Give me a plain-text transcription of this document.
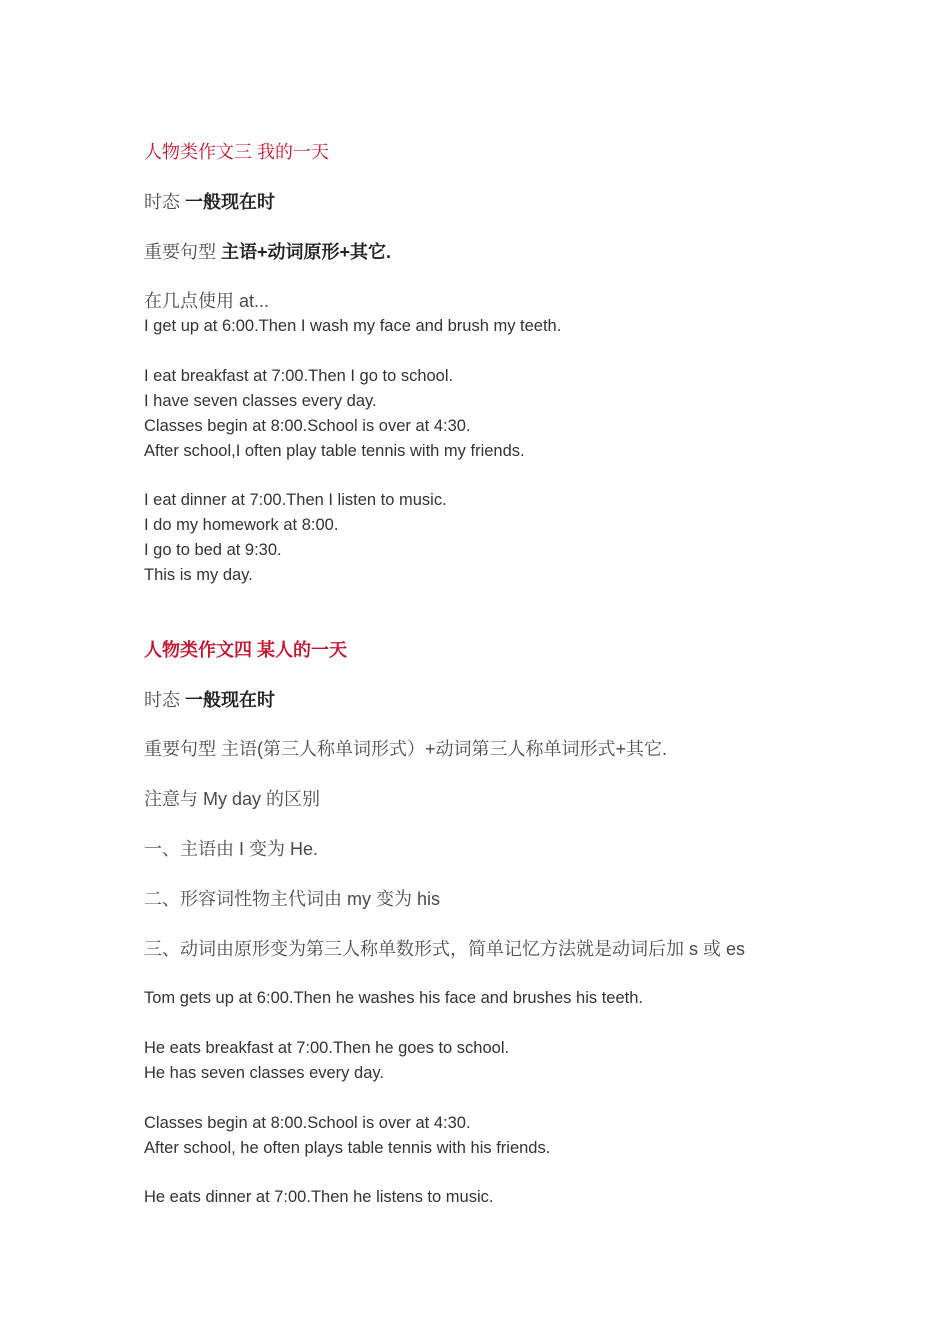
人物类作文三 我的一天
时态 一般现在时
重要句型 主语+动词原形+其它.
在几点使用 at...
I get up at 6:00.Then I wash my face and brush my teeth.
I eat breakfast at 7:00.Then I go to school.
I have seven classes every day.
Classes begin at 8:00.School is over at 4:30.
After school,I often play table tennis with my friends.
I eat dinner at 7:00.Then I listen to music.
I do my homework at 8:00.
I go to bed at 9:30.
This is my day.
人物类作文四 某人的一天
时态 一般现在时
重要句型 主语(第三人称单词形式）+动词第三人称单词形式+其它.
注意与 My day 的区别
一、主语由 I 变为 He.
二、形容词性物主代词由 my 变为 his
三、动词由原形变为第三人称单数形式，简单记忆方法就是动词后加 s 或 es
Tom gets up at 6:00.Then he washes his face and brushes his teeth.
He eats breakfast at 7:00.Then he goes to school.
He has seven classes every day.
Classes begin at 8:00.School is over at 4:30.
After school, he often plays table tennis with his friends.
He eats dinner at 7:00.Then he listens to music.
